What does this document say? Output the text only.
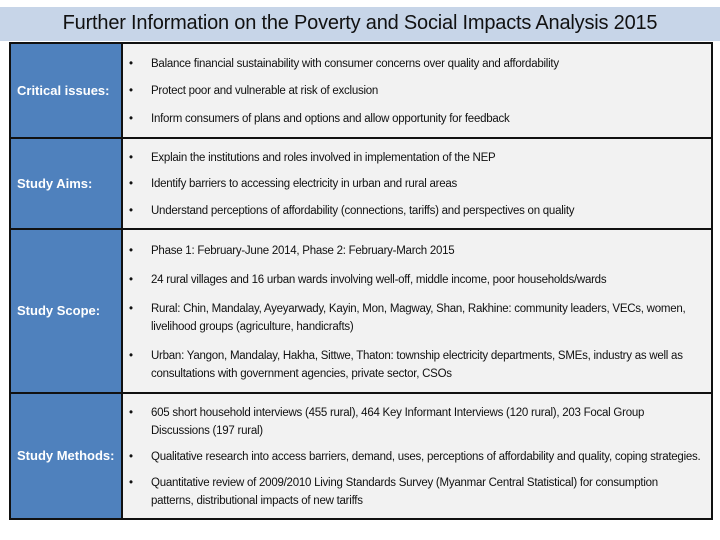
Further Information on the Poverty and Social Impacts Analysis 2015
Critical issues:
•	Balance financial sustainability with consumer concerns over quality and affordability
•	Protect poor and vulnerable at risk of exclusion
•	Inform consumers of plans and options and allow opportunity for feedback
Study Aims:
•	Explain the institutions and roles involved in implementation of the NEP
•	Identify barriers to accessing electricity in urban and rural areas
•	Understand perceptions of affordability (connections, tariffs) and perspectives on quality
Study Scope:
•	Phase 1: February-June 2014, Phase 2: February-March 2015
•	24 rural villages and 16 urban wards involving well-off, middle income, poor households/wards
•	Rural: Chin, Mandalay, Ayeyarwady, Kayin, Mon, Magway, Shan, Rakhine: community leaders, VECs, women, livelihood groups (agriculture, handicrafts)
•	Urban: Yangon, Mandalay, Hakha, Sittwe, Thaton: township electricity departments, SMEs, industry as well as consultations with government agencies, private sector, CSOs
Study Methods:
•	605 short household interviews (455 rural), 464 Key Informant Interviews (120 rural), 203 Focal Group Discussions (197 rural)
•	Qualitative research into access barriers, demand, uses, perceptions of affordability and quality, coping strategies.
•	Quantitative review of 2009/2010 Living Standards Survey (Myanmar Central Statistical) for consumption patterns, distributional impacts of new tariffs
